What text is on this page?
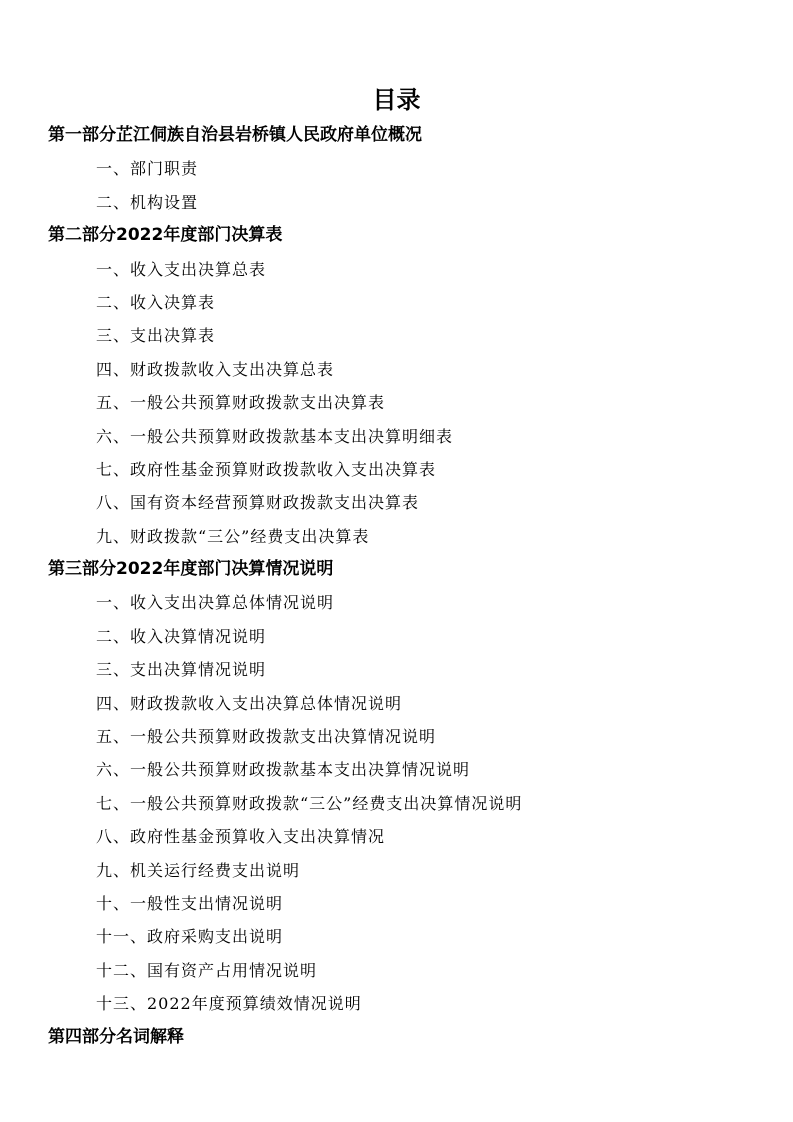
目录
第一部分芷江侗族自治县岩桥镇人民政府单位概况
一、部门职责
二、机构设置
第二部分2022年度部门决算表
一、收入支出决算总表
二、收入决算表
三、支出决算表
四、财政拨款收入支出决算总表
五、一般公共预算财政拨款支出决算表
六、一般公共预算财政拨款基本支出决算明细表
七、政府性基金预算财政拨款收入支出决算表
八、国有资本经营预算财政拨款支出决算表
九、财政拨款“三公”经费支出决算表
第三部分2022年度部门决算情况说明
一、收入支出决算总体情况说明
二、收入决算情况说明
三、支出决算情况说明
四、财政拨款收入支出决算总体情况说明
五、一般公共预算财政拨款支出决算情况说明
六、一般公共预算财政拨款基本支出决算情况说明
七、一般公共预算财政拨款“三公”经费支出决算情况说明
八、政府性基金预算收入支出决算情况
九、机关运行经费支出说明
十、一般性支出情况说明
十一、政府采购支出说明
十二、国有资产占用情况说明
十三、2022年度预算绩效情况说明
第四部分名词解释
